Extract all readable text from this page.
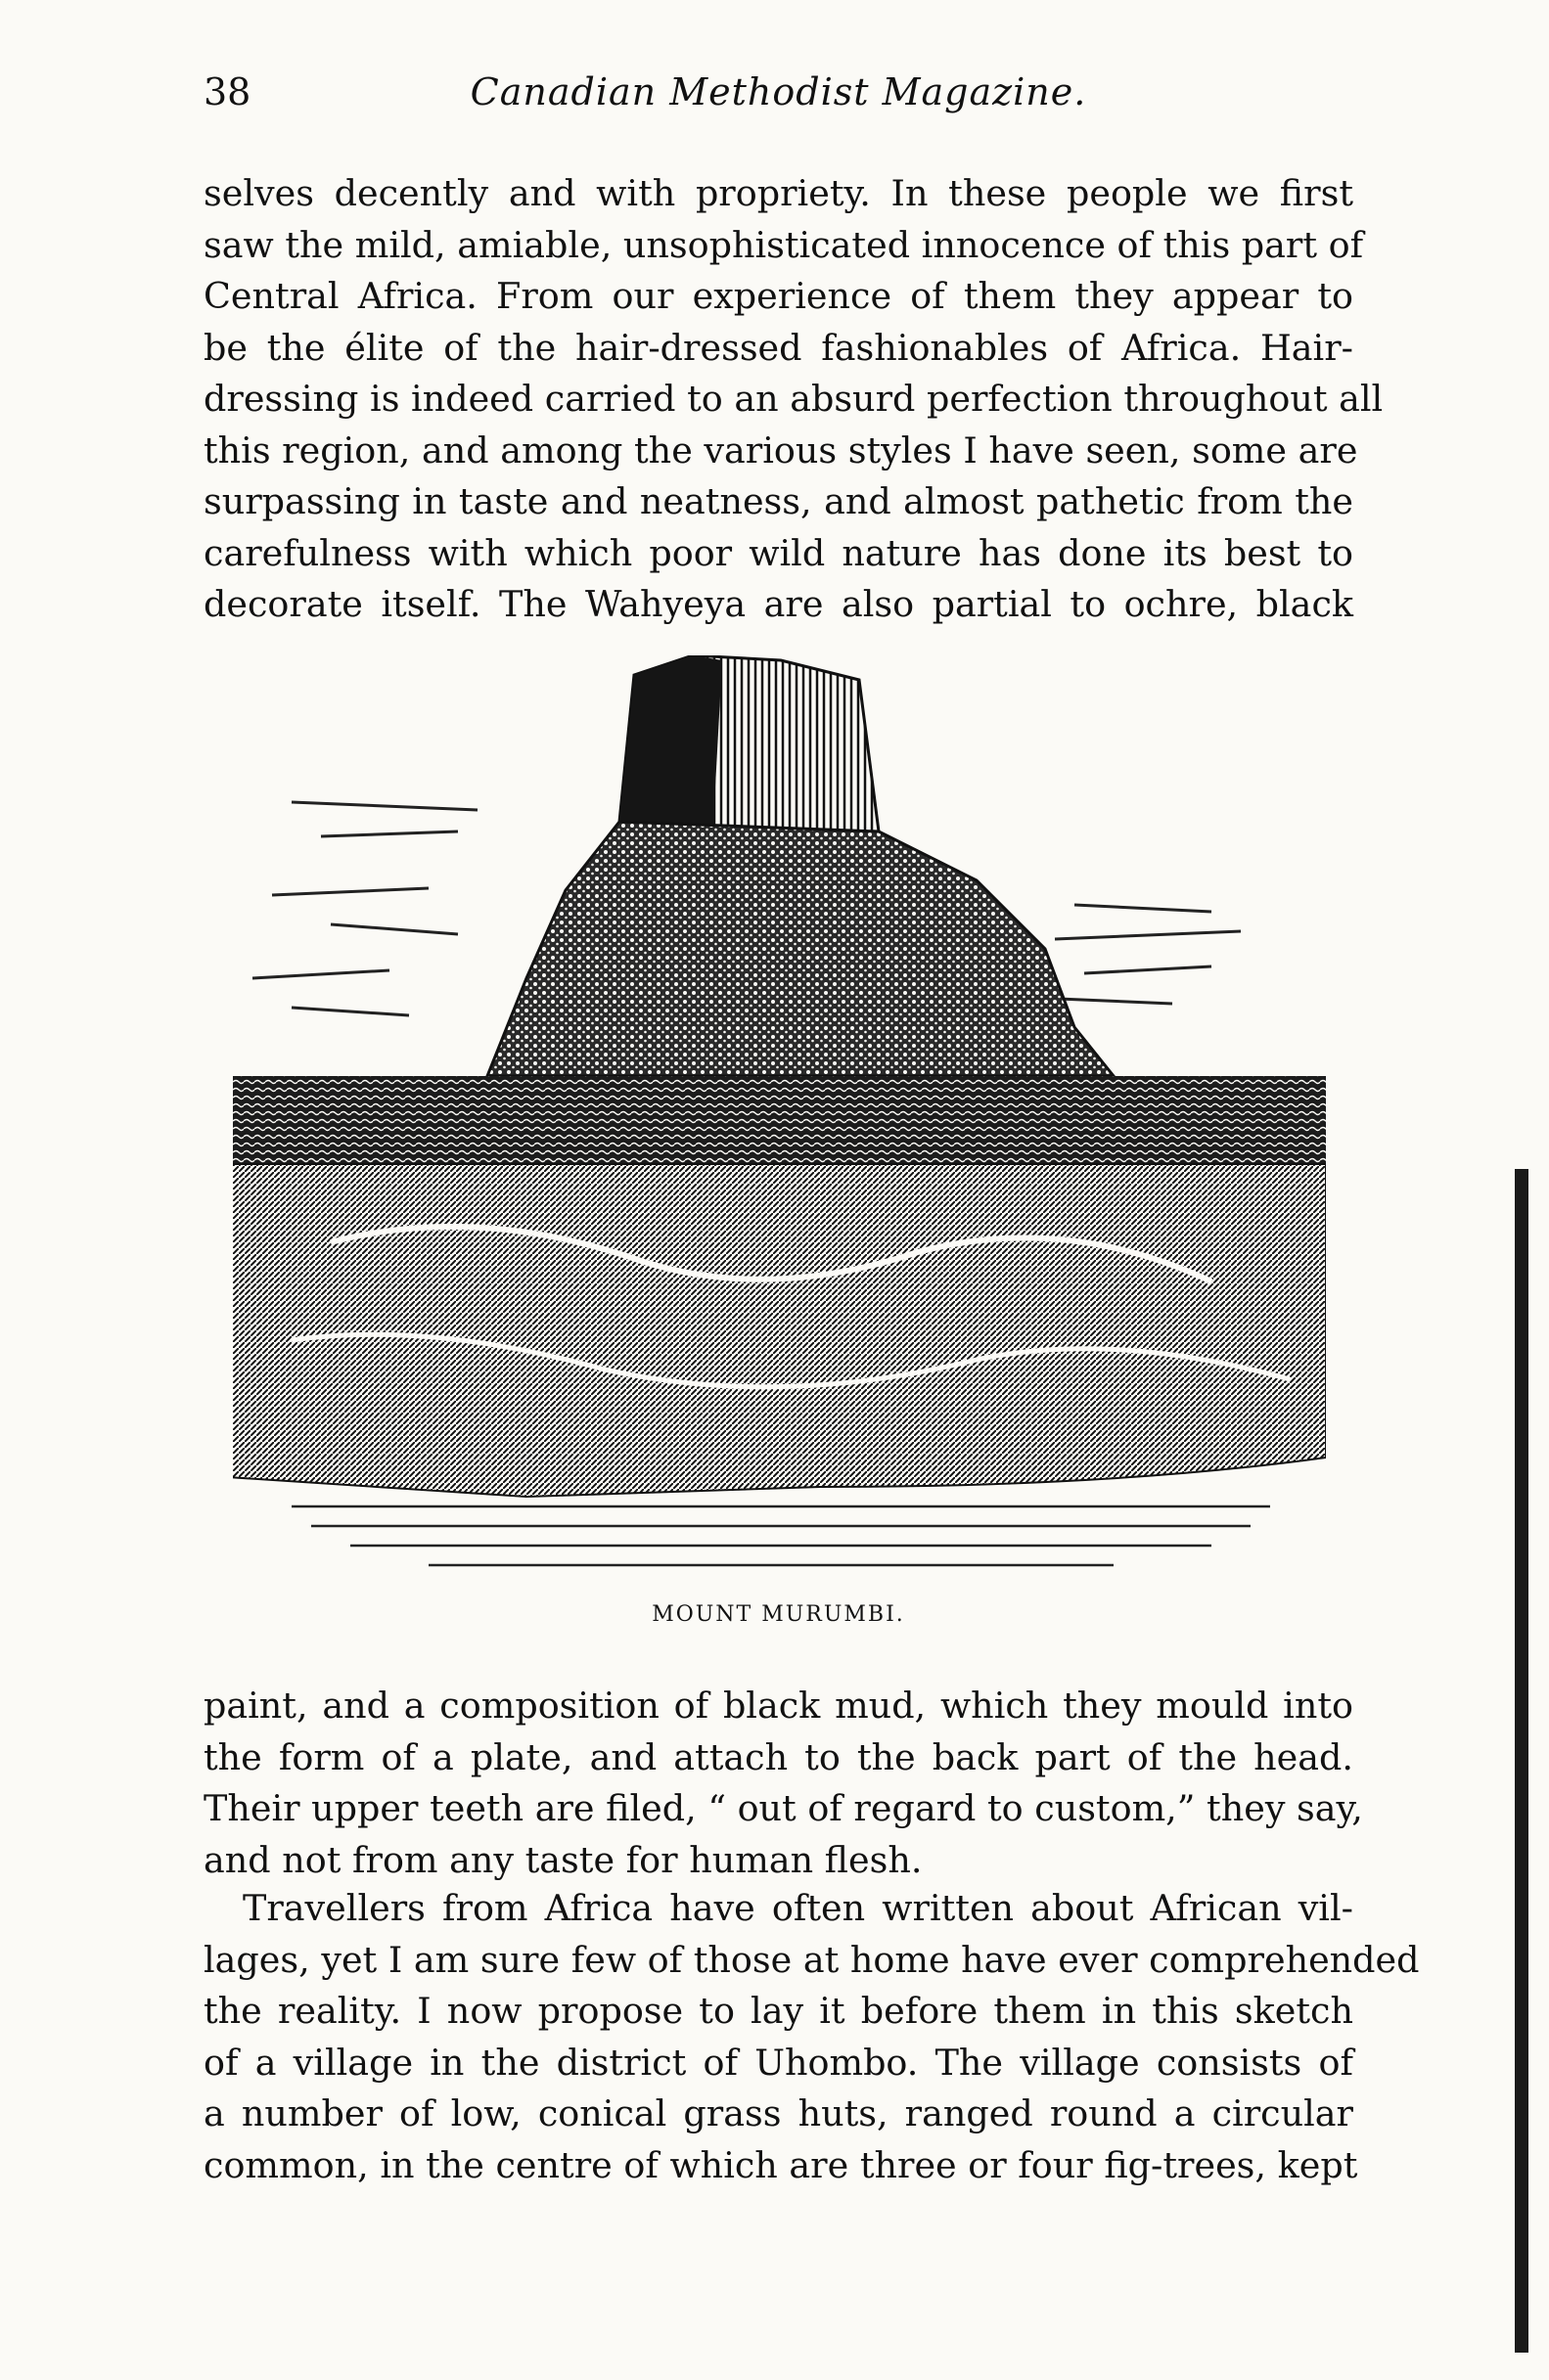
38	Canadian Methodist Magazine.
selves decently and with propriety. In these people we first
saw the mild, amiable, unsophisticated innocence of this part of
Central Africa. From our experience of them they appear to
be the élite of the hair-dressed fashionables of Africa. Hair-
dressing is indeed carried to an absurd perfection throughout all
this region, and among the various styles I have seen, some are
surpassing in taste and neatness, and almost pathetic from the
carefulness with which poor wild nature has done its best to
decorate itself. The Wahyeya are also partial to ochre, black
MOUNT MURUMBI.
paint, and a composition of black mud, which they mould into
the form of a plate, and attach to the back part of the head.
Their upper teeth are filed, “ out of regard to custom,” they say,
and not from any taste for human flesh.
Travellers from Africa have often written about African vil-
lages, yet I am sure few of those at home have ever comprehended
the reality. I now propose to lay it before them in this sketch
of a village in the district of Uhombo. The village consists of
a number of low, conical grass huts, ranged round a circular
common, in the centre of which are three or four fig-trees, kept
